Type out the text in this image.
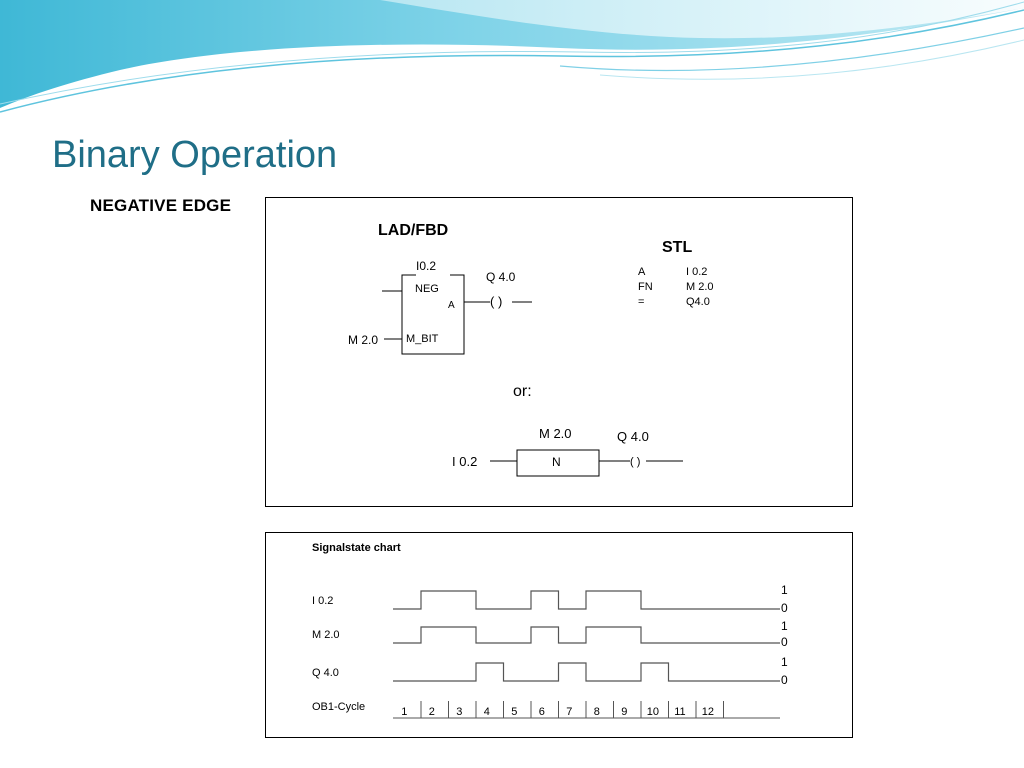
Binary Operation
NEGATIVE EDGE
LAD/FBD
I0.2
NEG
A
M_BIT
M 2.0
Q 4.0
( )
STL
A	I 0.2
FN	M 2.0
=	Q4.0
or:
M 2.0	Q 4.0
I 0.2	N	( )
Signalstate chart
I 0.2
1
0
M 2.0
1
0
Q 4.0
1
0
OB1-Cycle	1 2 3 4 5 6 7 8 9 10 11 12
